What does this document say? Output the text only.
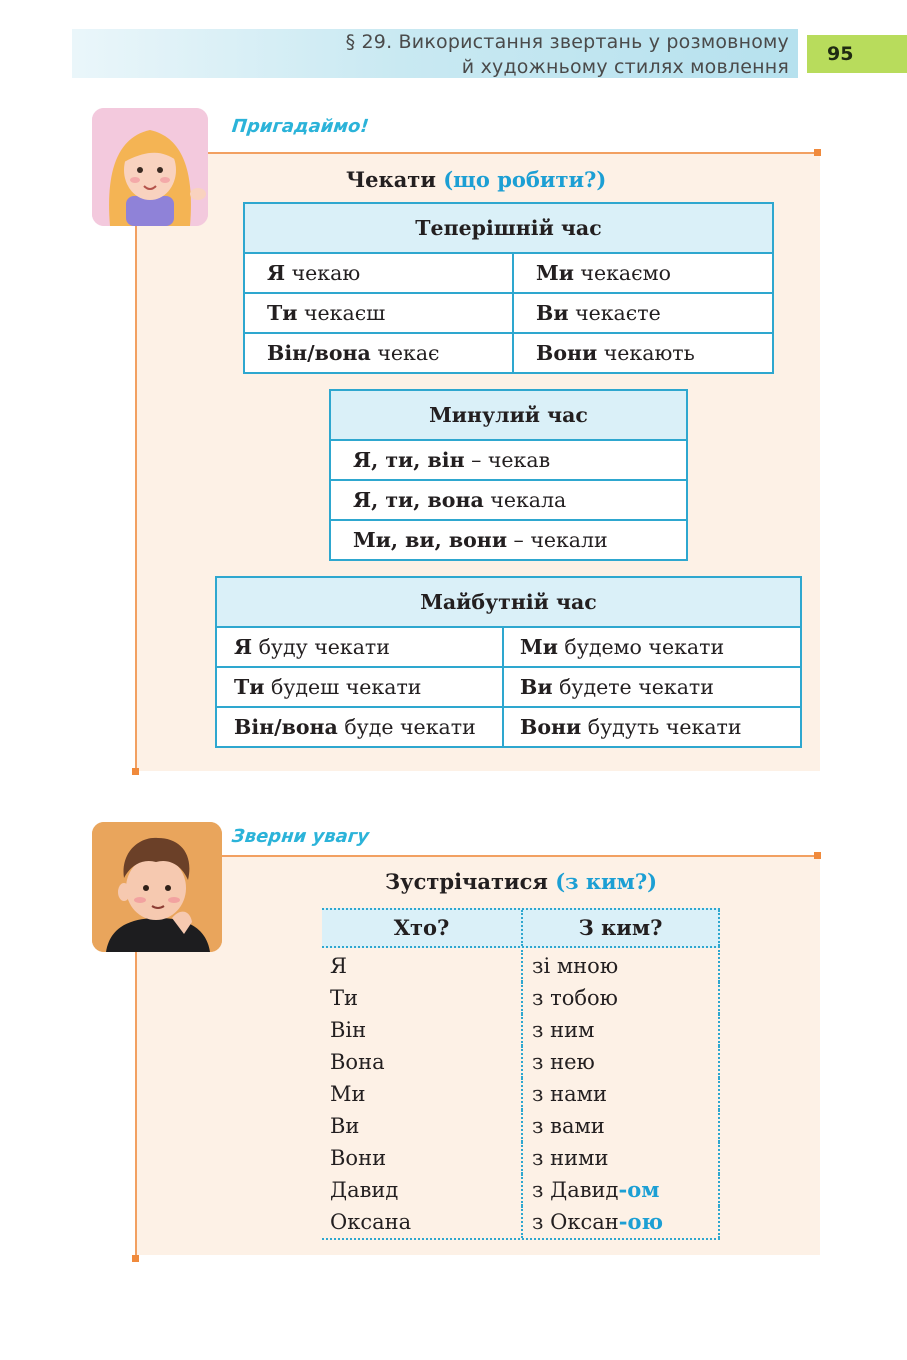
§ 29. Використання звертань у розмовному
й художньому стилях мовлення
95
Пригадаймо!
Чекати (що робити?)
Теперішній час	
Я чекаю	Ми чекаємо
Ти чекаєш	Ви чекаєте
Він/вона чекає	Вони чекають
Минулий час
Я, ти, він – чекав
Я, ти, вона чекала
Ми, ви, вони – чекали
Майбутній час	
Я буду чекати	Ми будемо чекати
Ти будеш чекати	Ви будете чекати
Він/вона буде чекати	Вони будуть чекати
Зверни увагу
Зустрічатися (з ким?)
Хто?	З ким?
Я	зі мною
Ти	з тобою
Він	з ним
Вона	з нею
Ми	з нами
Ви	з вами
Вони	з ними
Давид	з Давид-ом
Оксана	з Оксан-ою
